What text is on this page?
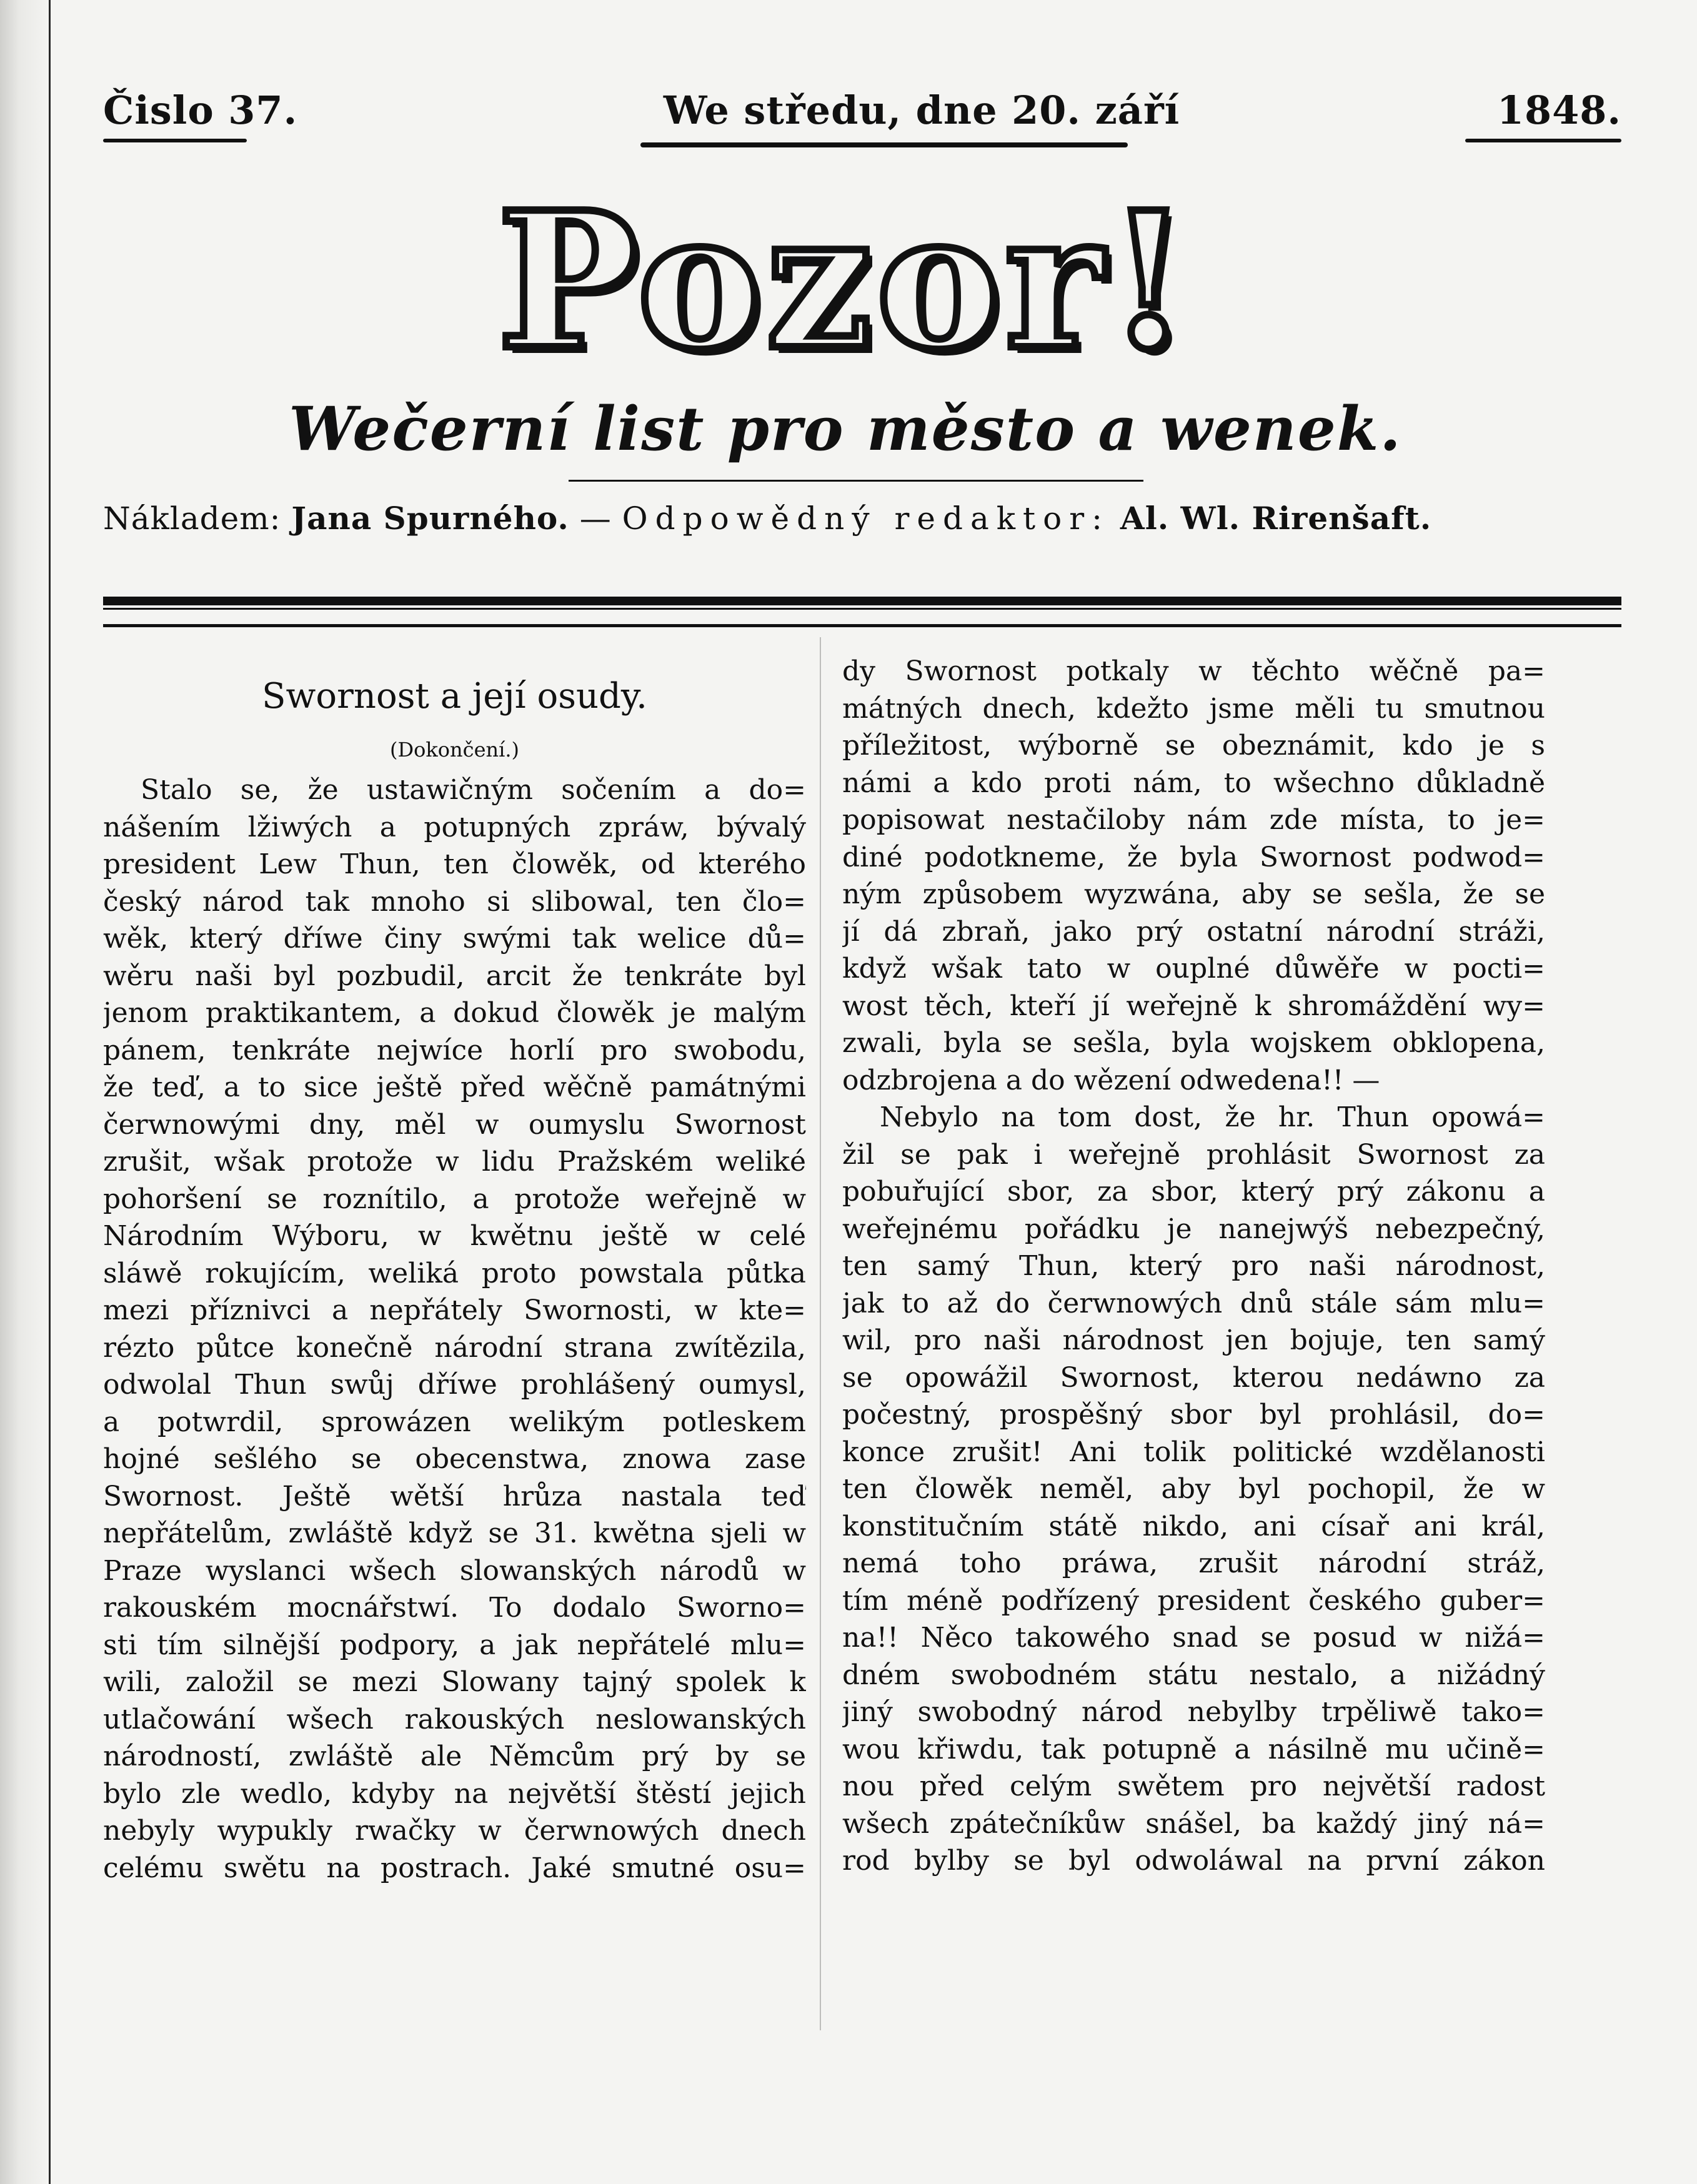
Čislo 37.	We středu, dne 20. září	1848.
Pozor!
Wečerní list pro město a wenek.
Nákladem: Jana Spurného. — Odpowědný redaktor: Al. Wl. Rirenšaft.
Swornost a její osudy.
(Dokončení.)
Stalo se, že ustawičným sočením a do=
nášením lžiwých a potupných zpráw, bývalý
president Lew Thun, ten člowěk, od kterého
český národ tak mnoho si slibowal, ten člo=
wěk, který dříwe činy swými tak welice dů=
wěru naši byl pozbudil, arcit že tenkráte byl
jenom praktikantem, a dokud člowěk je malým
pánem, tenkráte nejwíce horlí pro swobodu,
že teď, a to sice ještě před wěčně památnými
čerwnowými dny, měl w oumyslu Swornost
zrušit, wšak protože w lidu Pražském weliké
pohoršení se roznítilo, a protože weřejně w
Národním Wýboru, w kwětnu ještě w celé
sláwě rokujícím, weliká proto powstala půtka
mezi příznivci a nepřátely Swornosti, w kte=
rézto půtce konečně národní strana zwítězila,
odwolal Thun swůj dříwe prohlášený oumysl,
a potwrdil, sprowázen welikým potleskem
hojné sešlého se obecenstwa, znowa zase
Swornost. Ještě wětší hrůza nastala teď
nepřátelům, zwláště když se 31. kwětna sjeli w
Praze wyslanci wšech slowanských národů w
rakouském mocnářstwí. To dodalo Sworno=
sti tím silnější podpory, a jak nepřátelé mlu=
wili, založil se mezi Slowany tajný spolek k
utlačowání wšech rakouských neslowanských
národností, zwláště ale Němcům prý by se
bylo zle wedlo, kdyby na největší štěstí jejich
nebyly wypukly rwačky w čerwnowých dnech
celému swětu na postrach. Jaké smutné osu=
dy Swornost potkaly w těchto wěčně pa=
mátných dnech, kdežto jsme měli tu smutnou
příležitost, wýborně se obeznámit, kdo je s
námi a kdo proti nám, to wšechno důkladně
popisowat nestačiloby nám zde místa, to je=
diné podotkneme, že byla Swornost podwod=
ným způsobem wyzwána, aby se sešla, že se
jí dá zbraň, jako prý ostatní národní stráži,
když wšak tato w ouplné důwěře w pocti=
wost těch, kteří jí weřejně k shromáždění wy=
zwali, byla se sešla, byla wojskem obklopena,
odzbrojena a do wězení odwedena!! —
Nebylo na tom dost, že hr. Thun opowá=
žil se pak i weřejně prohlásit Swornost za
pobuřující sbor, za sbor, který prý zákonu a
weřejnému pořádku je nanejwýš nebezpečný,
ten samý Thun, který pro naši národnost,
jak to až do čerwnowých dnů stále sám mlu=
wil, pro naši národnost jen bojuje, ten samý
se opowážil Swornost, kterou nedáwno za
počestný, prospěšný sbor byl prohlásil, do=
konce zrušit! Ani tolik politické wzdělanosti
ten člowěk neměl, aby byl pochopil, že w
konstitučním státě nikdo, ani císař ani král,
nemá toho práwa, zrušit národní stráž,
tím méně podřízený president českého guber=
na!! Něco takowého snad se posud w nižá=
dném swobodném státu nestalo, a nižádný
jiný swobodný národ nebylby trpěliwě tako=
wou křiwdu, tak potupně a násilně mu učině=
nou před celým swětem pro největší radost
wšech zpátečníkůw snášel, ba každý jiný ná=
rod bylby se byl odwoláwal na první zákon
